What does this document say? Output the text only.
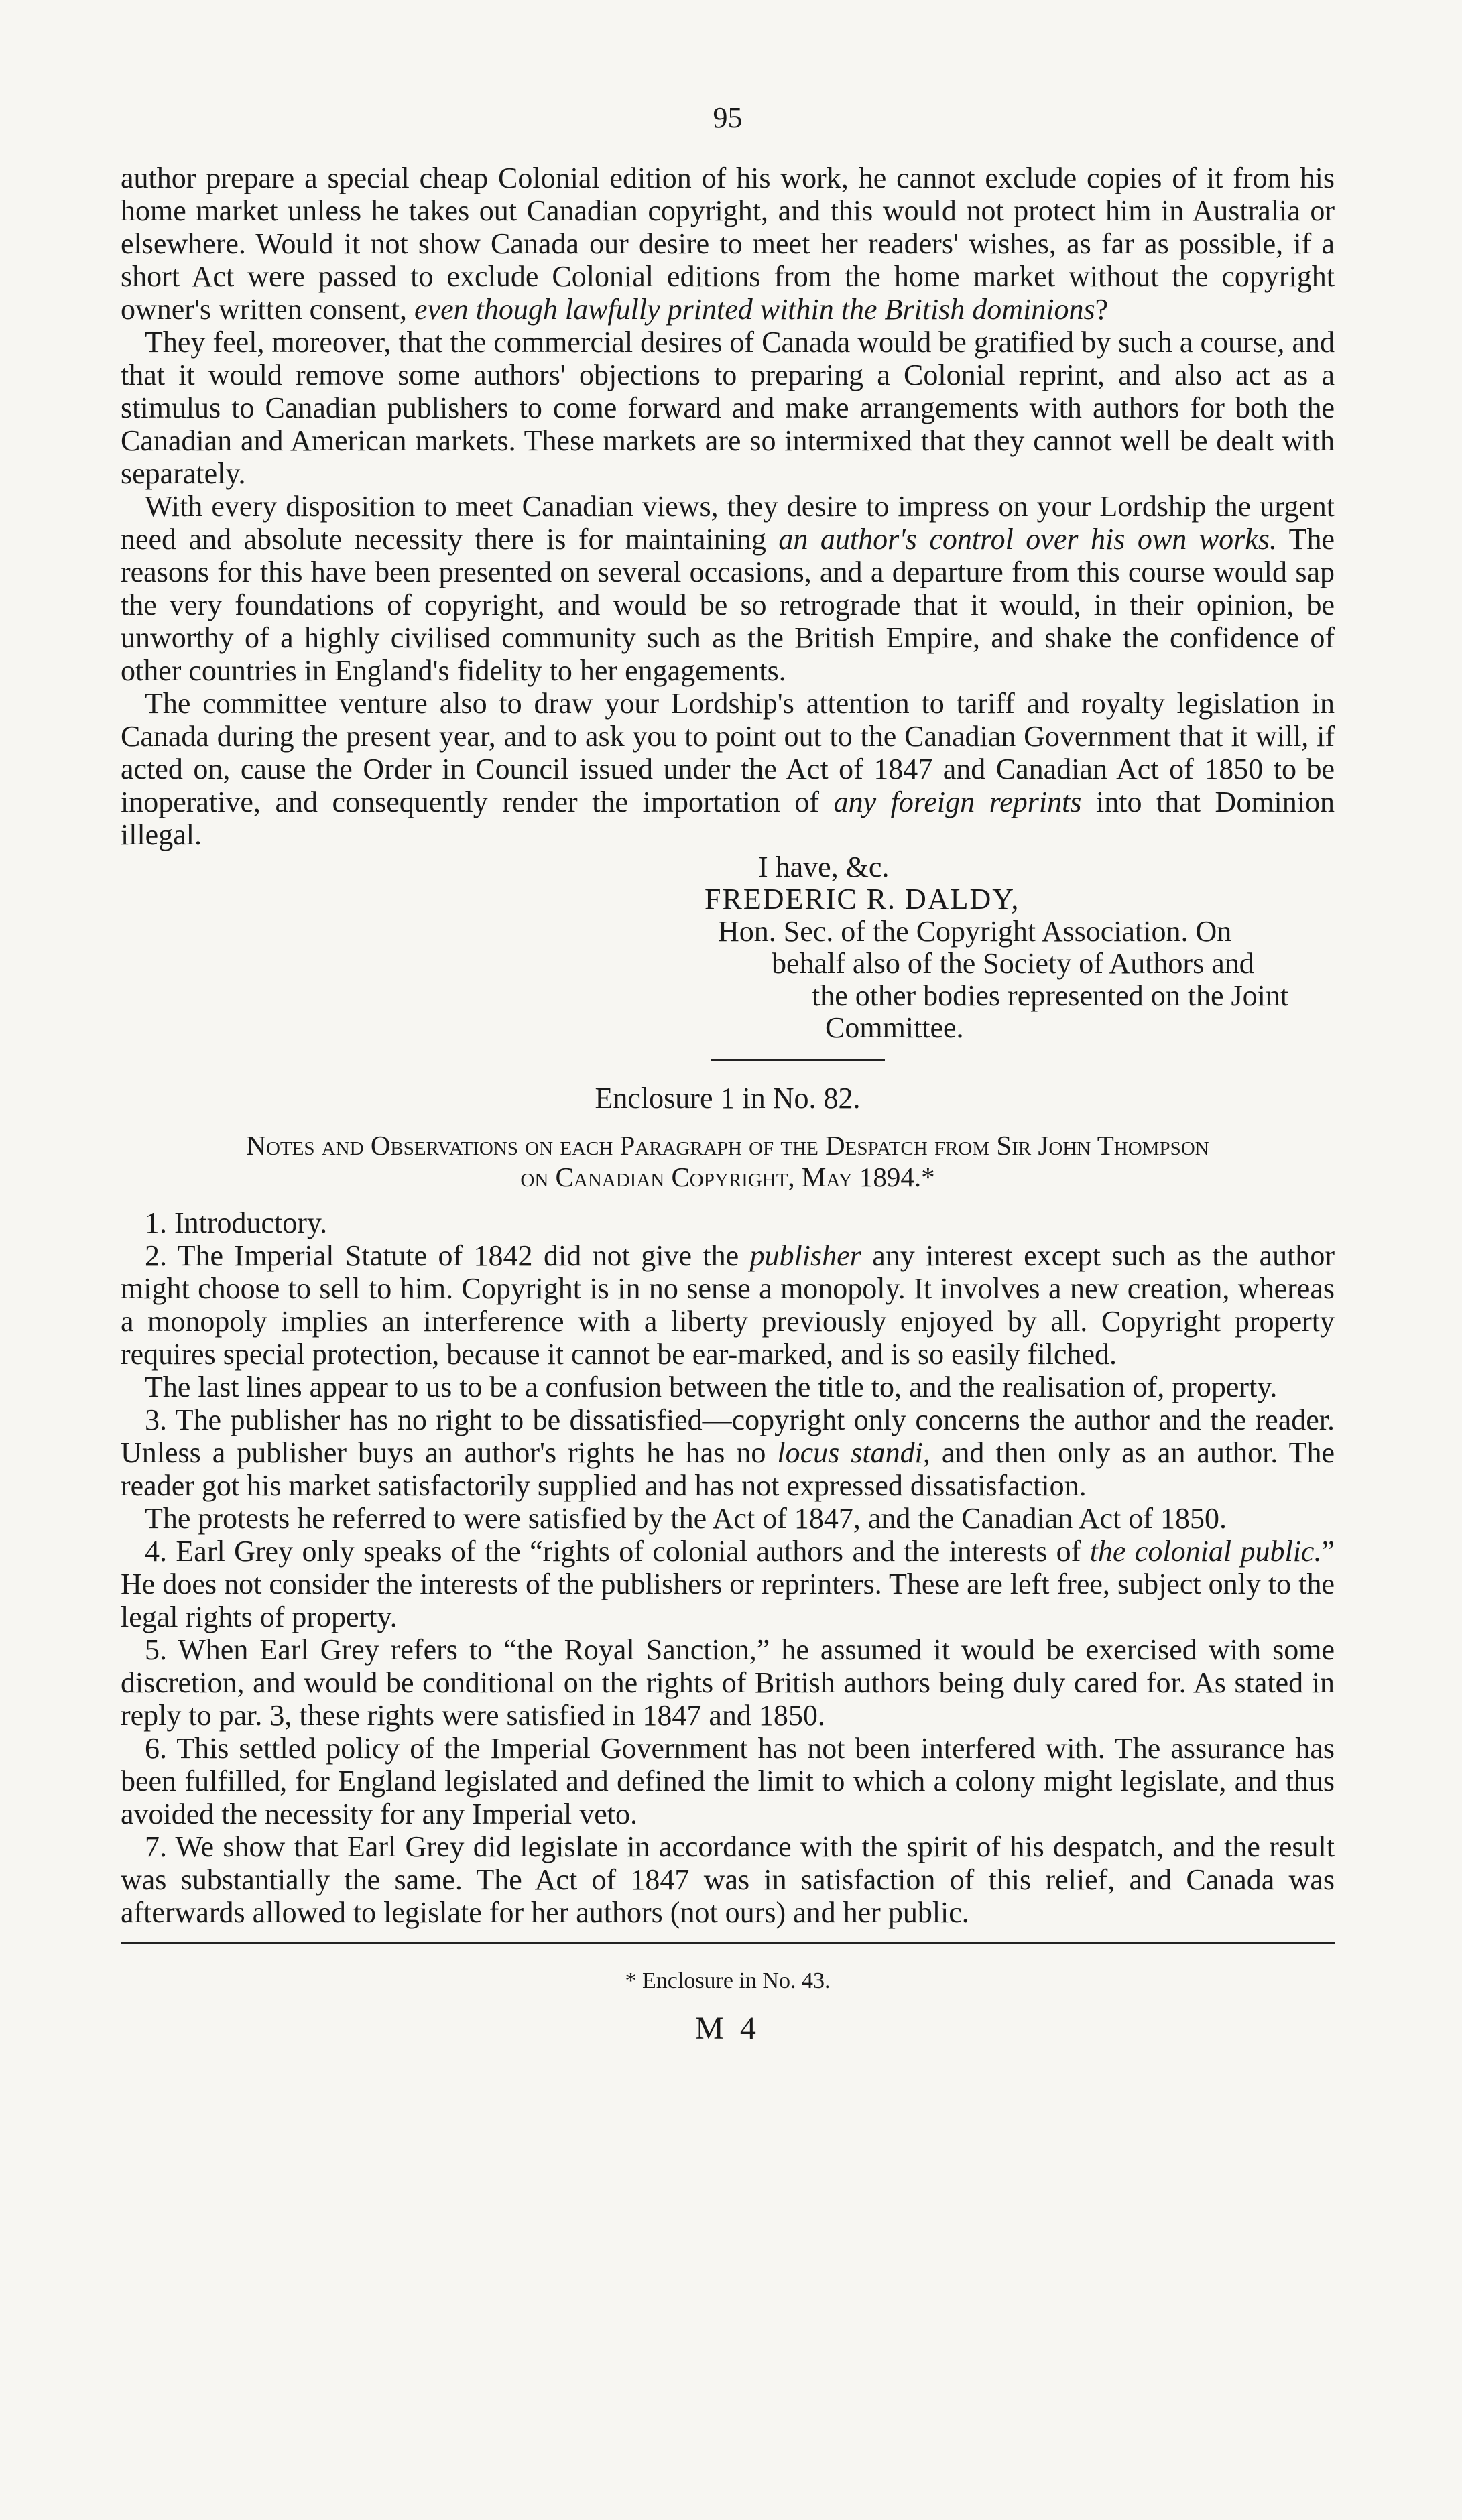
95

author prepare a special cheap Colonial edition of his work, he cannot exclude copies of it from his home market unless he takes out Canadian copyright, and this would not protect him in Australia or elsewhere. Would it not show Canada our desire to meet her readers' wishes, as far as possible, if a short Act were passed to exclude Colonial editions from the home market without the copyright owner's written consent, even though lawfully printed within the British dominions?

They feel, moreover, that the commercial desires of Canada would be gratified by such a course, and that it would remove some authors' objections to preparing a Colonial reprint, and also act as a stimulus to Canadian publishers to come forward and make arrangements with authors for both the Canadian and American markets. These markets are so intermixed that they cannot well be dealt with separately.

With every disposition to meet Canadian views, they desire to impress on your Lordship the urgent need and absolute necessity there is for maintaining an author's control over his own works. The reasons for this have been presented on several occasions, and a departure from this course would sap the very foundations of copyright, and would be so retrograde that it would, in their opinion, be unworthy of a highly civilised community such as the British Empire, and shake the confidence of other countries in England's fidelity to her engagements.

The committee venture also to draw your Lordship's attention to tariff and royalty legislation in Canada during the present year, and to ask you to point out to the Canadian Government that it will, if acted on, cause the Order in Council issued under the Act of 1847 and Canadian Act of 1850 to be inoperative, and consequently render the importation of any foreign reprints into that Dominion illegal.

I have, &c.
FREDERIC R. DALDY,
Hon. Sec. of the Copyright Association. On
behalf also of the Society of Authors and
the other bodies represented on the Joint
Committee.
Enclosure 1 in No. 82.
Notes and Observations on each Paragraph of the Despatch from Sir John Thompson
on Canadian Copyright, May 1894.*

1. Introductory.

2. The Imperial Statute of 1842 did not give the publisher any interest except such as the author might choose to sell to him. Copyright is in no sense a monopoly. It involves a new creation, whereas a monopoly implies an interference with a liberty previously enjoyed by all. Copyright property requires special protection, because it cannot be ear-marked, and is so easily filched.

The last lines appear to us to be a confusion between the title to, and the realisation of, property.

3. The publisher has no right to be dissatisfied—copyright only concerns the author and the reader. Unless a publisher buys an author's rights he has no locus standi, and then only as an author. The reader got his market satisfactorily supplied and has not expressed dissatisfaction.

The protests he referred to were satisfied by the Act of 1847, and the Canadian Act of 1850.

4. Earl Grey only speaks of the “rights of colonial authors and the interests of the colonial public.” He does not consider the interests of the publishers or reprinters. These are left free, subject only to the legal rights of property.

5. When Earl Grey refers to “the Royal Sanction,” he assumed it would be exercised with some discretion, and would be conditional on the rights of British authors being duly cared for. As stated in reply to par. 3, these rights were satisfied in 1847 and 1850.

6. This settled policy of the Imperial Government has not been interfered with. The assurance has been fulfilled, for England legislated and defined the limit to which a colony might legislate, and thus avoided the necessity for any Imperial veto.

7. We show that Earl Grey did legislate in accordance with the spirit of his despatch, and the result was substantially the same. The Act of 1847 was in satisfaction of this relief, and Canada was afterwards allowed to legislate for her authors (not ours) and her public.

* Enclosure in No. 43.
M 4
